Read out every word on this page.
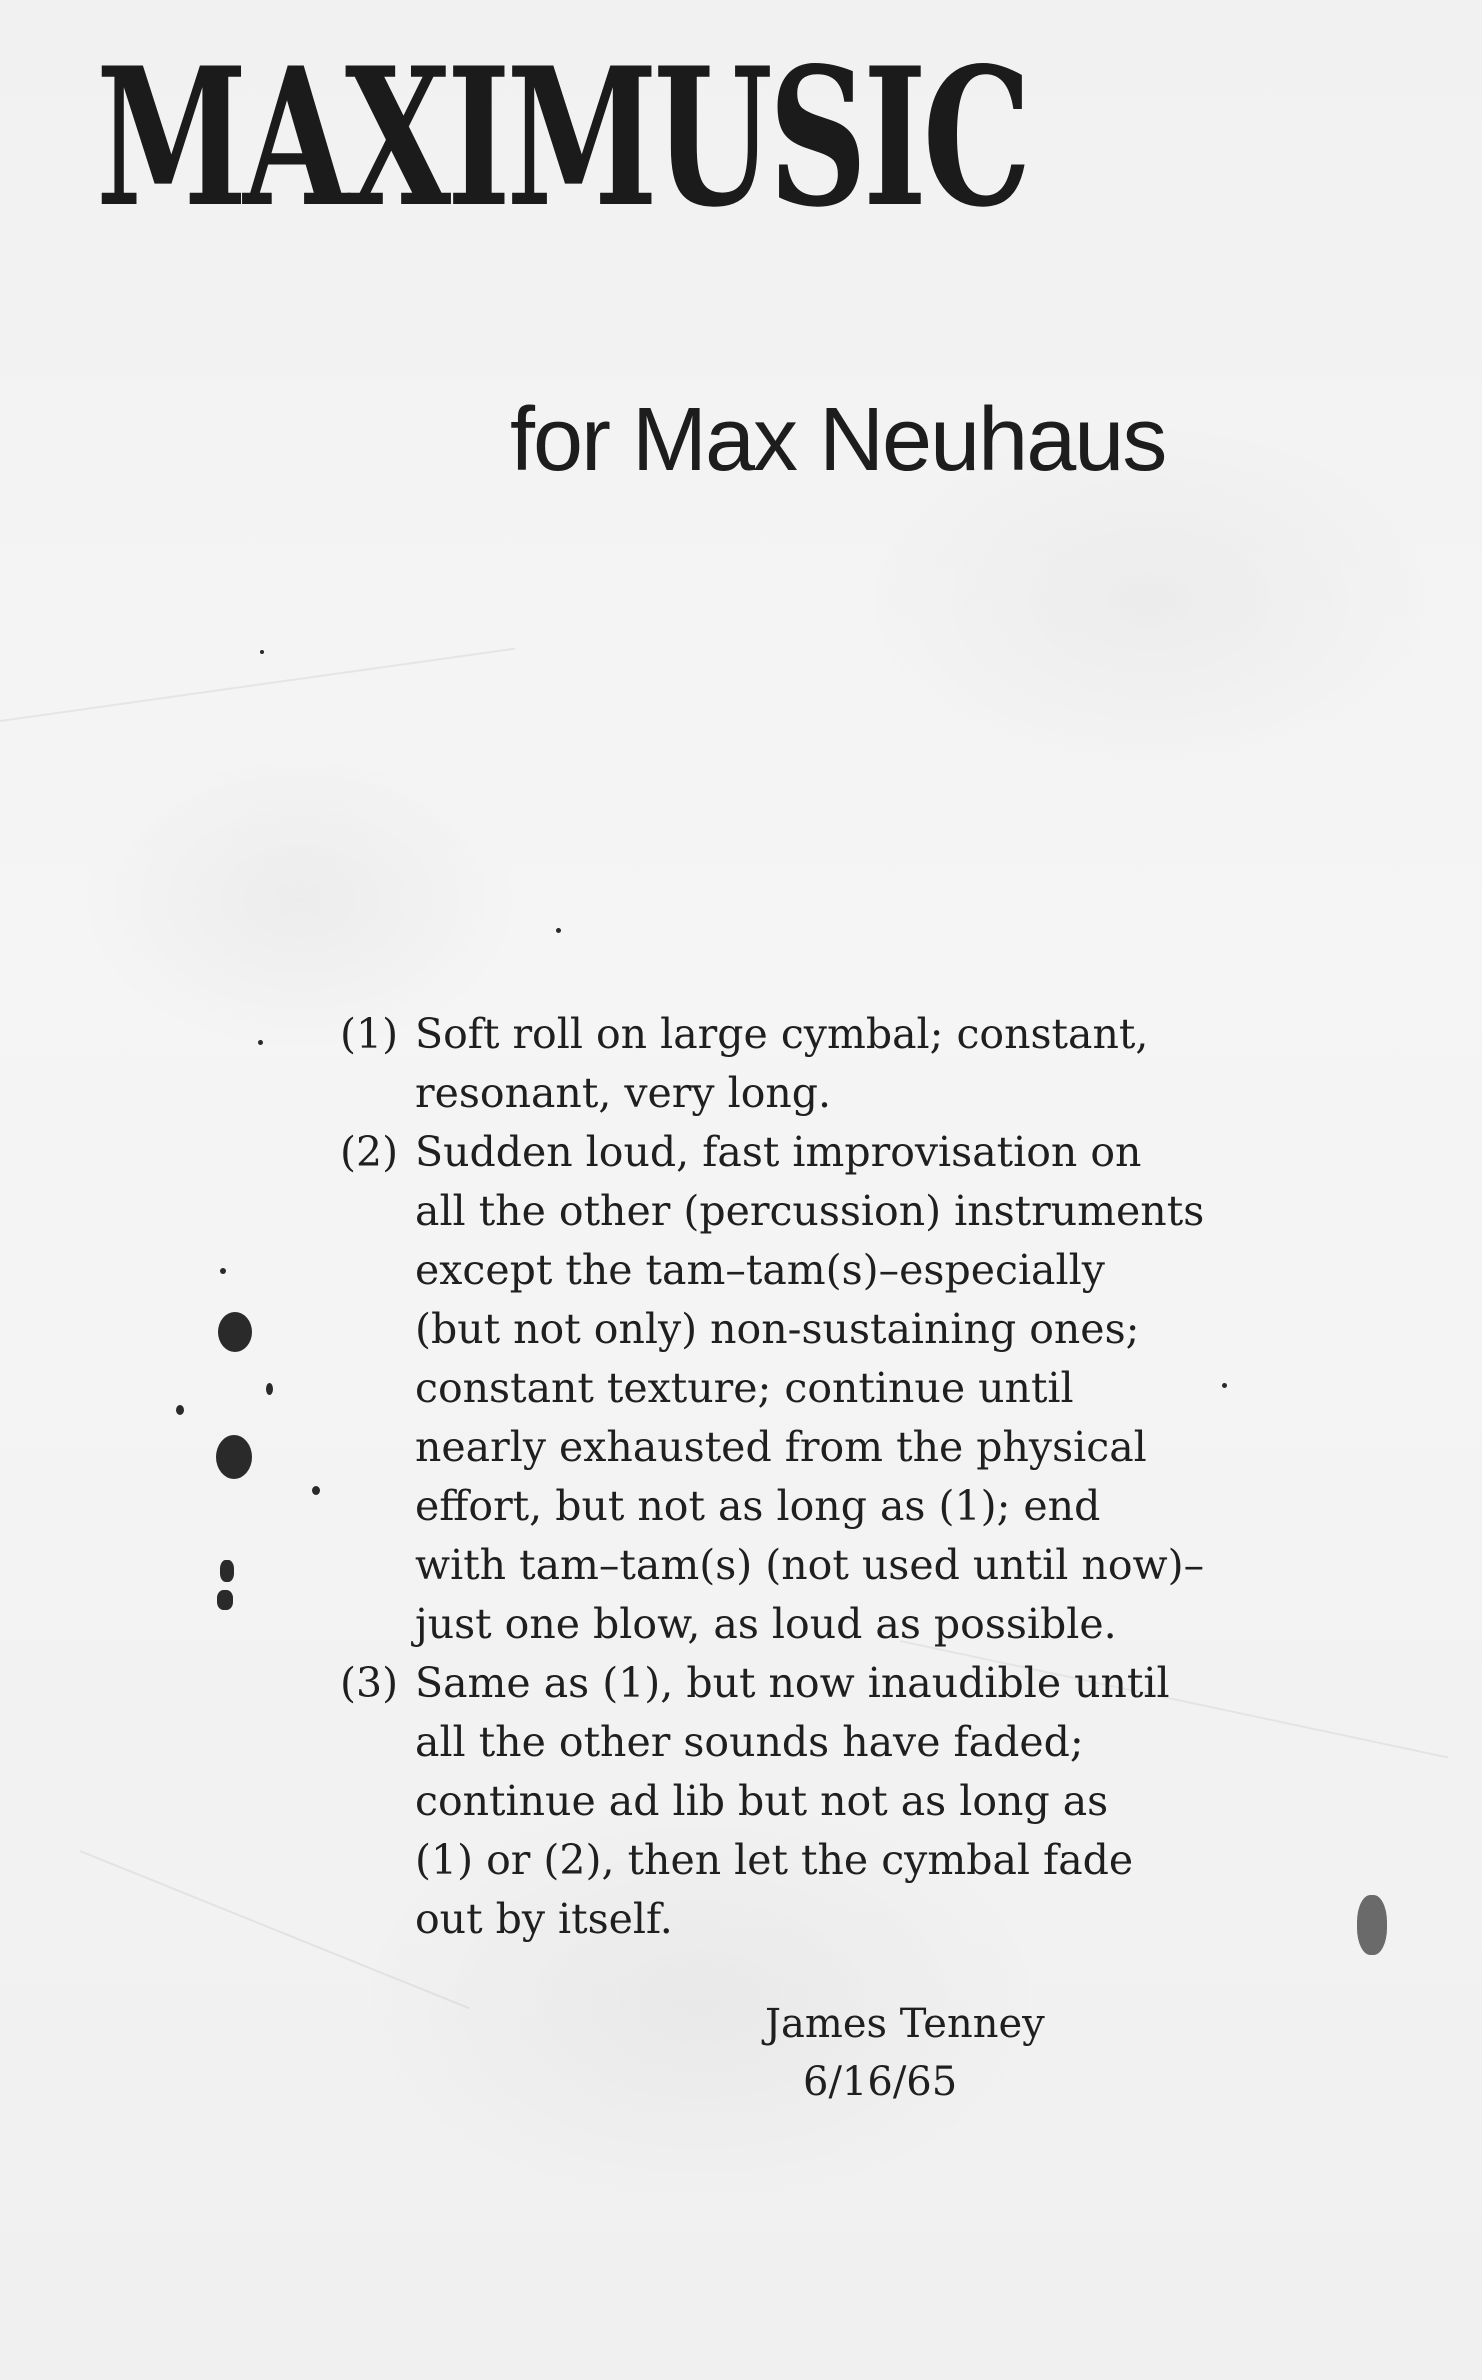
MAXIMUSIC
for Max Neuhaus
(1) Soft roll on large cymbal; constant,
resonant, very long.
(2) Sudden loud, fast improvisation on
all the other (percussion) instruments
except the tam–tam(s)–especially
(but not only) non-sustaining ones;
constant texture; continue until
nearly exhausted from the physical
effort, but not as long as (1); end
with tam–tam(s) (not used until now)–
just one blow, as loud as possible.
(3) Same as (1), but now inaudible until
all the other sounds have faded;
continue ad lib but not as long as
(1) or (2), then let the cymbal fade
out by itself.
James Tenney
6/16/65
